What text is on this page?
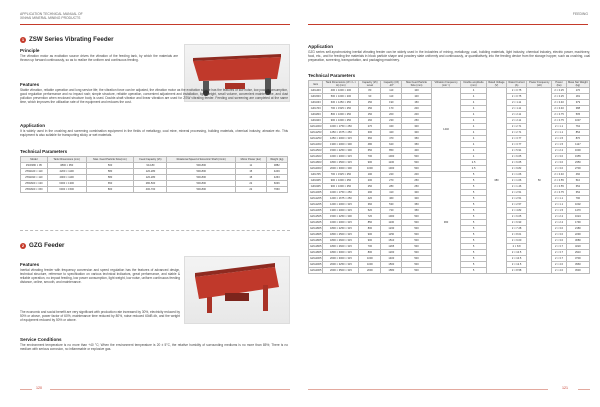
APPLICATION TECHNICAL MANUAL OF
XINHAI MINERAL MINING PRODUCTS
1 ZSW Series Vibrating Feeder
Principle
The vibration motor as excitation source drives the vibration of the feeding tank, by which the materials are thrown up forward continuously, so as to realize the uniform and continuous feeding.
Features
Stable vibration, reliable operation and long service life; the vibration force can be adjusted, the vibration motor as the excitation source has the features of low noise, low power consumption, good regulation performance and no impact rush; simple structure, reliable operation, convenient adjustment and installation, light weight, small volume, convenient maintenance, and dust pollution prevention when enclosed structure body is used. Double-shaft vibrator and linear vibration are used for ZSW vibrating feeder. Feeding and screening are completed at the same time, which improves the utilization rate of the equipment and reduces the cost.
Application
It is widely used in the crushing and screening combination equipment in the fields of metallurgy, coal mine, mineral processing, building materials, chemical industry, abrasive etc. This equipment is also suitable for transporting sticky or wet materials.
Technical Parameters
Model	Tank Dimensions (mm)	Max. Feed Particle Size(mm)	Feed Capacity (t/h)	Rotational Speed of Eccentric Shaft (r/min)	Motor Power (kw)	Weight (kg)
ZSW380 × 95	3800 × 950	500	90-180	500-800	11	3882
ZSW420 × 110	4200 × 1100	580	120-280	500-800	15	4249
ZSW490 × 110	4900 × 1100	580	120-280	500-800	15	4263
ZSW600 × 130	6000 × 1300	650	280-500	500-800	22	6036
ZSW600 × 150	6000 × 1500	800	400-700	500-800	22	7660
2 GZG Feeder
Features
Inertial vibrating feeder with frequency conversion and speed regulation has the features of advanced design, technical structure, reference to specification on various technical indicators, great performance, and stable & reliable operation, no impact feeding, low power consumption, light weight, low noise, uniform continuous feeding distance, online, smooth, and maintenance.
The economic and social benefit are very significant with production rate increased by 30%, electricity reduced by 50% or above, power factor of 60%, maintenance time reduced by 80%, noise reduced 60dB db, and the weight of equipment reduced by 50% or above.
Service Conditions
The environment temperature is no more than +40 °C; When the environment temperature is 20 ± 5°C, the relative humidity of surrounding mediums is no more than 85%; There is no medium with serious corrosion, no inflammable or explosive gas.
120
FEEDING
Application
GZG series self-synchronizing inertial vibrating feeder can be widely used in the industries of mining, metallurgy, coal, building materials, light industry, chemical industry, electric power, machinery, food, etc., and for feeding the materials in block particle shape and powdery state uniformly and continuously, or quantitatively, into the feeding device from the storage hopper, such as crushing, coal preparation, screening, transportation, and packaging machinery.
Technical Parameters
Item	Tank Dimensions (W × L × H) (mm)	Capacity (t/h) Level	Capacity (t/h) -10°	Max Feed Particle Size (mm)	Vibration Frequency (min⁻¹)	Double amplitude (mm)	Rated Voltage (V)	Rated Current (A)	Power Frequency (Hz)	Power (kw)	Mass Net Weight (kg)
GZG403	400 × 1000 × 200	80	110	100	1440	4	380	2 × 0.75	50	2 × 0.25	170
GZG503	500 × 1000 × 200	90	110	100		4		2 × 0.75		2 × 0.25	181
GZG633	630 × 1250 × 250	150	190	150		4		2 × 1.11		2 × 0.40	379
GZG703	700 × 1525 × 250	150	170	200		4		2 × 1.11		2 × 0.40	388
GZG803	800 × 1600 × 250	150	200	200		4		2 × 2.11		2 × 0.75	505
GZG903	900 × 1600 × 250	160	230	250		4		2 × 2.11		2 × 0.75	1037
GZG1003	1000 × 1750 × 250	270	340	300		4		2 × 2.71		2 × 1.1	762
GZG1253	1250 × 1675 × 250	300	420	300		4		2 × 2.71		2 × 1.1	854
GZG1253	1250 × 2000 × 315	360	470	350		4		2 × 3.77		2 × 1.5	870
GZG1303	1300 × 2000 × 300	480	620	350		4		2 × 3.77		2 × 1.5	1127
GZG1503	1500 × 2250 × 300	650	850	400		4		2 × 5.91		2 × 2.2	1600
GZG1603	1600 × 2000 × 315	700	1000	500		4		2 × 6.65		2 × 3.0	1955
GZG1803	1800 × 2500 × 315	900	1100	500		2.5		2 × 6.65		2 × 3.0	2350
GZG2003	2000 × 3000 × 300	1000	1300	500		2.5		2 × 9.82		2 × 3.0	2700
GZG705	700 × 1525 × 250	190	220	200	960	5		2 × 1.06		2 × 0.40	460
GZG905	900 × 1600 × 250	200	270	250		5		2 × 1.06		2 × 0.55	510
GZG905	900 × 1600 × 250	250	280	250		5		2 × 1.46		2 × 0.55	652
GZG1005	1000 × 1750 × 250	290	410	300		5		2 × 2.51		2 × 0.75	652
GZG1205	1200 × 1675 × 250	420	460	300		5		2 × 2.51		2 × 1.1	790
GZG1205	1200 × 2000 × 315	360	530	350		5		2 × 2.57		2 × 1.1	1002
GZG1305	1300 × 2000 × 315	520	720	350		5		2 × 4.82		2 × 1.5	1470
GZG1505	1500 × 2250 × 300	720	1000	500		5		2 × 6.05		2 × 2.2	1624
GZG1605	1600 × 2000 × 315	850	1100	500		5		2 × 6.93		2 × 2.2	1790
GZG1805	1800 × 2250 × 315	800	1230	500		5		2 × 7.28		2 × 3.0	2180
GZG1805	1800 × 2500 × 315	900	1150	500		5		2 × 8.01		2 × 3.0	2290
GZG1805	1800 × 2600 × 315	900	1510	500		5		2 × 9.00		2 × 3.0	3080
GZG1805	1800 × 2600 × 315	700	1265	500		5		2 × 8.8		2 × 3.7	3220
GZG1805	1800 × 3000 × 315	800	1200	500		5		2 × 10.5		2 × 3.7	2910
GZG2005	2000 × 3000 × 315	1000	1400	500		5		2 × 10.5		2 × 3.7	3700
GZG2005	2000 × 3250 × 315	1000	1500	500		5		2 × 12.5		2 × 4.0	3960
GZG2005	2000 × 3500 × 315	2000	1580	500		5		2 × 8.58		2 × 4.0	4530
121
